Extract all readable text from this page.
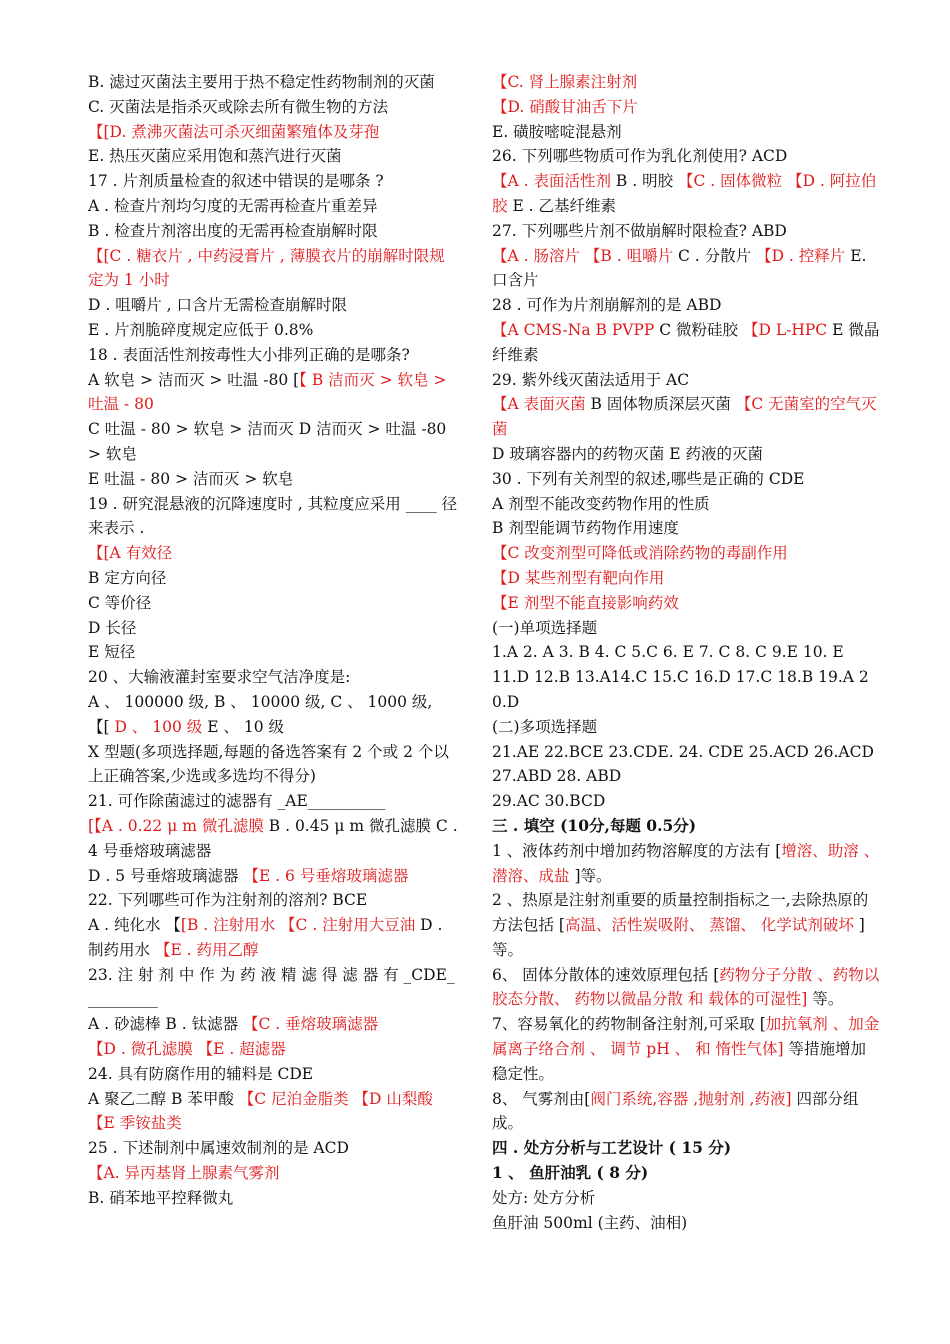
B. 滤过灭菌法主要用于热不稳定性药物制剂的灭菌
C. 灭菌法是指杀灭或除去所有微生物的方法
【[D. 煮沸灭菌法可杀灭细菌繁殖体及芽孢
E. 热压灭菌应采用饱和蒸汽进行灭菌
17 . 片剂质量检查的叙述中错误的是哪条 ?
A . 检查片剂均匀度的无需再检查片重差异
B . 检查片剂溶出度的无需再检查崩解时限
【[C . 糖衣片 , 中药浸膏片 , 薄膜衣片的崩解时限规定为 1 小时
D . 咀嚼片 , 口含片无需检查崩解时限
E . 片剂脆碎度规定应低于 0.8%
18 . 表面活性剂按毒性大小排列正确的是哪条?
A 软皂 > 洁而灭 > 吐温 -80 [【 B 洁而灭 > 软皂 > 吐温 - 80
C 吐温 - 80 > 软皂 > 洁而灭 D 洁而灭 > 吐温 -80 > 软皂
E 吐温 - 80 > 洁而灭 > 软皂
19 . 研究混悬液的沉降速度时 , 其粒度应采用 ____ 径来表示 .
【[A 有效径
B 定方向径
C 等价径
D 长径
E 短径
20 、大输液灌封室要求空气洁净度是:
A 、 100000 级, B 、 10000 级, C 、 1000 级,
【[ D 、 100 级 E 、 10 级
X 型题(多项选择题,每题的备选答案有 2 个或 2 个以上正确答案,少选或多选均不得分)
21. 可作除菌滤过的滤器有 _AE__________
[【A . 0.22 μ m 微孔滤膜 B . 0.45 μ m 微孔滤膜 C . 4 号垂熔玻璃滤器
D . 5 号垂熔玻璃滤器 【E . 6 号垂熔玻璃滤器
22. 下列哪些可作为注射剂的溶剂? BCE
A . 纯化水 【[B . 注射用水 【C . 注射用大豆油 D . 制药用水 【E . 药用乙醇
23. 注 射 剂 中 作 为 药 液 精 滤 得 滤 器 有 _CDE__________
A . 砂滤棒 B . 钛滤器 【C . 垂熔玻璃滤器
【D . 微孔滤膜 【E . 超滤器
24. 具有防腐作用的辅料是 CDE
A 聚乙二醇 B 苯甲酸 【C 尼泊金脂类 【D 山梨酸 【E 季铵盐类
25 . 下述制剂中属速效制剂的是 ACD
【A. 异丙基肾上腺素气雾剂
B. 硝苯地平控释微丸
【C. 肾上腺素注射剂
【D. 硝酸甘油舌下片
E. 磺胺嘧啶混悬剂
26. 下列哪些物质可作为乳化剂使用? ACD
【A . 表面活性剂 B . 明胶 【C . 固体微粒 【D . 阿拉伯胶 E . 乙基纤维素
27. 下列哪些片剂不做崩解时限检查? ABD
【A . 肠溶片 【B . 咀嚼片 C . 分散片 【D . 控释片 E. 口含片
28 . 可作为片剂崩解剂的是 ABD
【A CMS-Na B PVPP C 微粉硅胶 【D L-HPC E 微晶纤维素
29. 紫外线灭菌法适用于 AC
【A 表面灭菌 B 固体物质深层灭菌 【C 无菌室的空气灭菌
D 玻璃容器内的药物灭菌 E 药液的灭菌
30 . 下列有关剂型的叙述,哪些是正确的 CDE
A 剂型不能改变药物作用的性质
B 剂型能调节药物作用速度
【C 改变剂型可降低或消除药物的毒副作用
【D 某些剂型有靶向作用
【E 剂型不能直接影响药效
(一)单项选择题
1.A 2. A 3. B 4. C 5.C 6. E 7. C 8. C 9.E 10. E
11.D 12.B 13.A14.C 15.C 16.D 17.C 18.B 19.A 20.D
(二)多项选择题
21.AE 22.BCE 23.CDE. 24. CDE 25.ACD 26.ACD
27.ABD 28. ABD
29.AC 30.BCD
三 . 填空 (10分,每题 0.5分)
1 、液体药剂中增加药物溶解度的方法有 [增溶、助溶 、潜溶、成盐 ]等。
2 、热原是注射剂重要的质量控制指标之一,去除热原的方法包括 [高温、活性炭吸附、 蒸馏、 化学试剂破坏 ]等。
6、 固体分散体的速效原理包括 [药物分子分散 、药物以胶态分散、 药物以微晶分散 和 载体的可湿性] 等。
7、容易氧化的药物制备注射剂,可采取 [加抗氧剂 、加金属离子络合剂 、 调节 pH 、 和 惰性气体] 等措施增加稳定性。
8、 气雾剂由[阀门系统,容器 ,抛射剂 ,药液] 四部分组成。
四 . 处方分析与工艺设计 ( 15 分)
1 、 鱼肝油乳 ( 8 分)
处方: 处方分析
鱼肝油 500ml (主药、油相)
